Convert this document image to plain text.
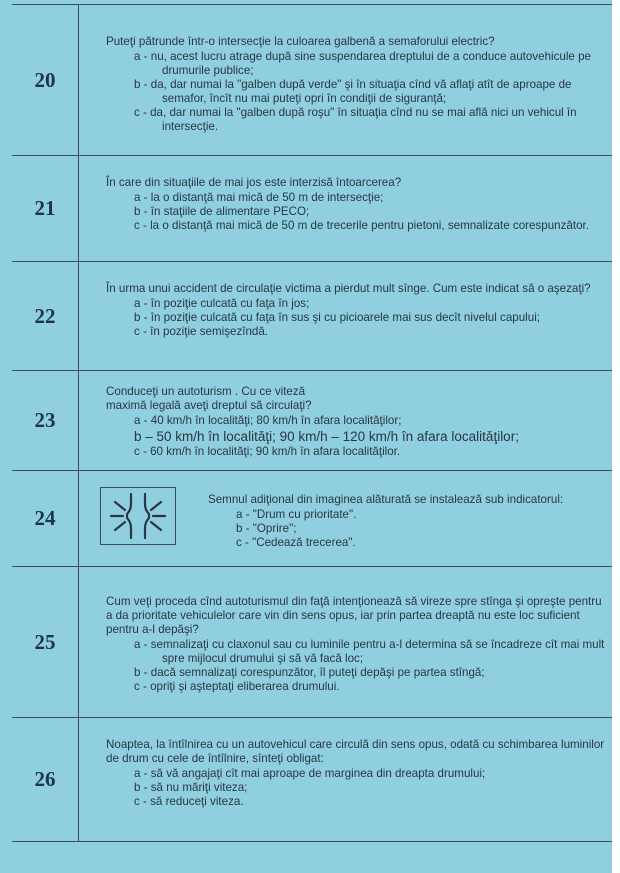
20
Puteţi pătrunde într-o intersecţie la culoarea galbenă a semaforului electric?
a - nu, acest lucru atrage după sine suspendarea dreptului de a conduce autovehicule pe drumurile publice;
b - da, dar numai la "galben după verde" şi în situaţia cînd vă aflaţi atît de aproape de semafor, încît nu mai puteţi opri în condiţii de siguranţă;
c - da, dar numai la "galben după roşu" în situaţia cînd nu se mai află nici un vehicul în intersecţie.
21
În care din situaţiile de mai jos este interzisă întoarcerea?
a - la o distanţă mai mică de 50 m de intersecţie;
b - în staţiile de alimentare PECO;
c - la o distanţă mai mică de 50 m de trecerile pentru pietoni, semnalizate corespunzător.
22
În urma unui accident de circulaţie victima a pierdut mult sînge. Cum este indicat să o aşezaţi?
a - în poziţie culcată cu faţa în jos;
b - în poziţie culcată cu faţa în sus şi cu picioarele mai sus decît nivelul capului;
c - în poziţie semişezîndă.
23
Conduceţi un autoturism . Cu ce viteză maximă legală aveţi dreptul să circulaţi?
a - 40 km/h în localităţi; 80 km/h în afara localităţilor;
b – 50 km/h în localităţi; 90 km/h – 120 km/h în afara localităţilor;
c - 60 km/h în localităţi; 90 km/h în afara localităţilor.
24
Semnul adiţional din imaginea alăturată se instalează sub indicatorul:
a - "Drum cu prioritate".
b - "Oprire";
c - "Cedează trecerea".
25
Cum veţi proceda cînd autoturismul din faţă intenţionează să vireze spre stînga şi opreşte pentru a da prioritate vehiculelor care vin din sens opus, iar prin partea dreaptă nu este loc suficient pentru a-l depăşi?
a - semnalizaţi cu claxonul sau cu luminile pentru a-l determina să se încadreze cît mai mult spre mijlocul drumului şi să vă facă loc;
b - dacă semnalizaţi corespunzător, îl puteţi depăşi pe partea stîngă;
c - opriţi şi aşteptaţi eliberarea drumului.
26
Noaptea, la întîlnirea cu un autovehicul care circulă din sens opus, odată cu schimbarea luminilor de drum cu cele de întîlnire, sînteţi obligat:
a - să vă angajaţi cît mai aproape de marginea din dreapta drumului;
b - să nu măriţi viteza;
c - să reduceţi viteza.
